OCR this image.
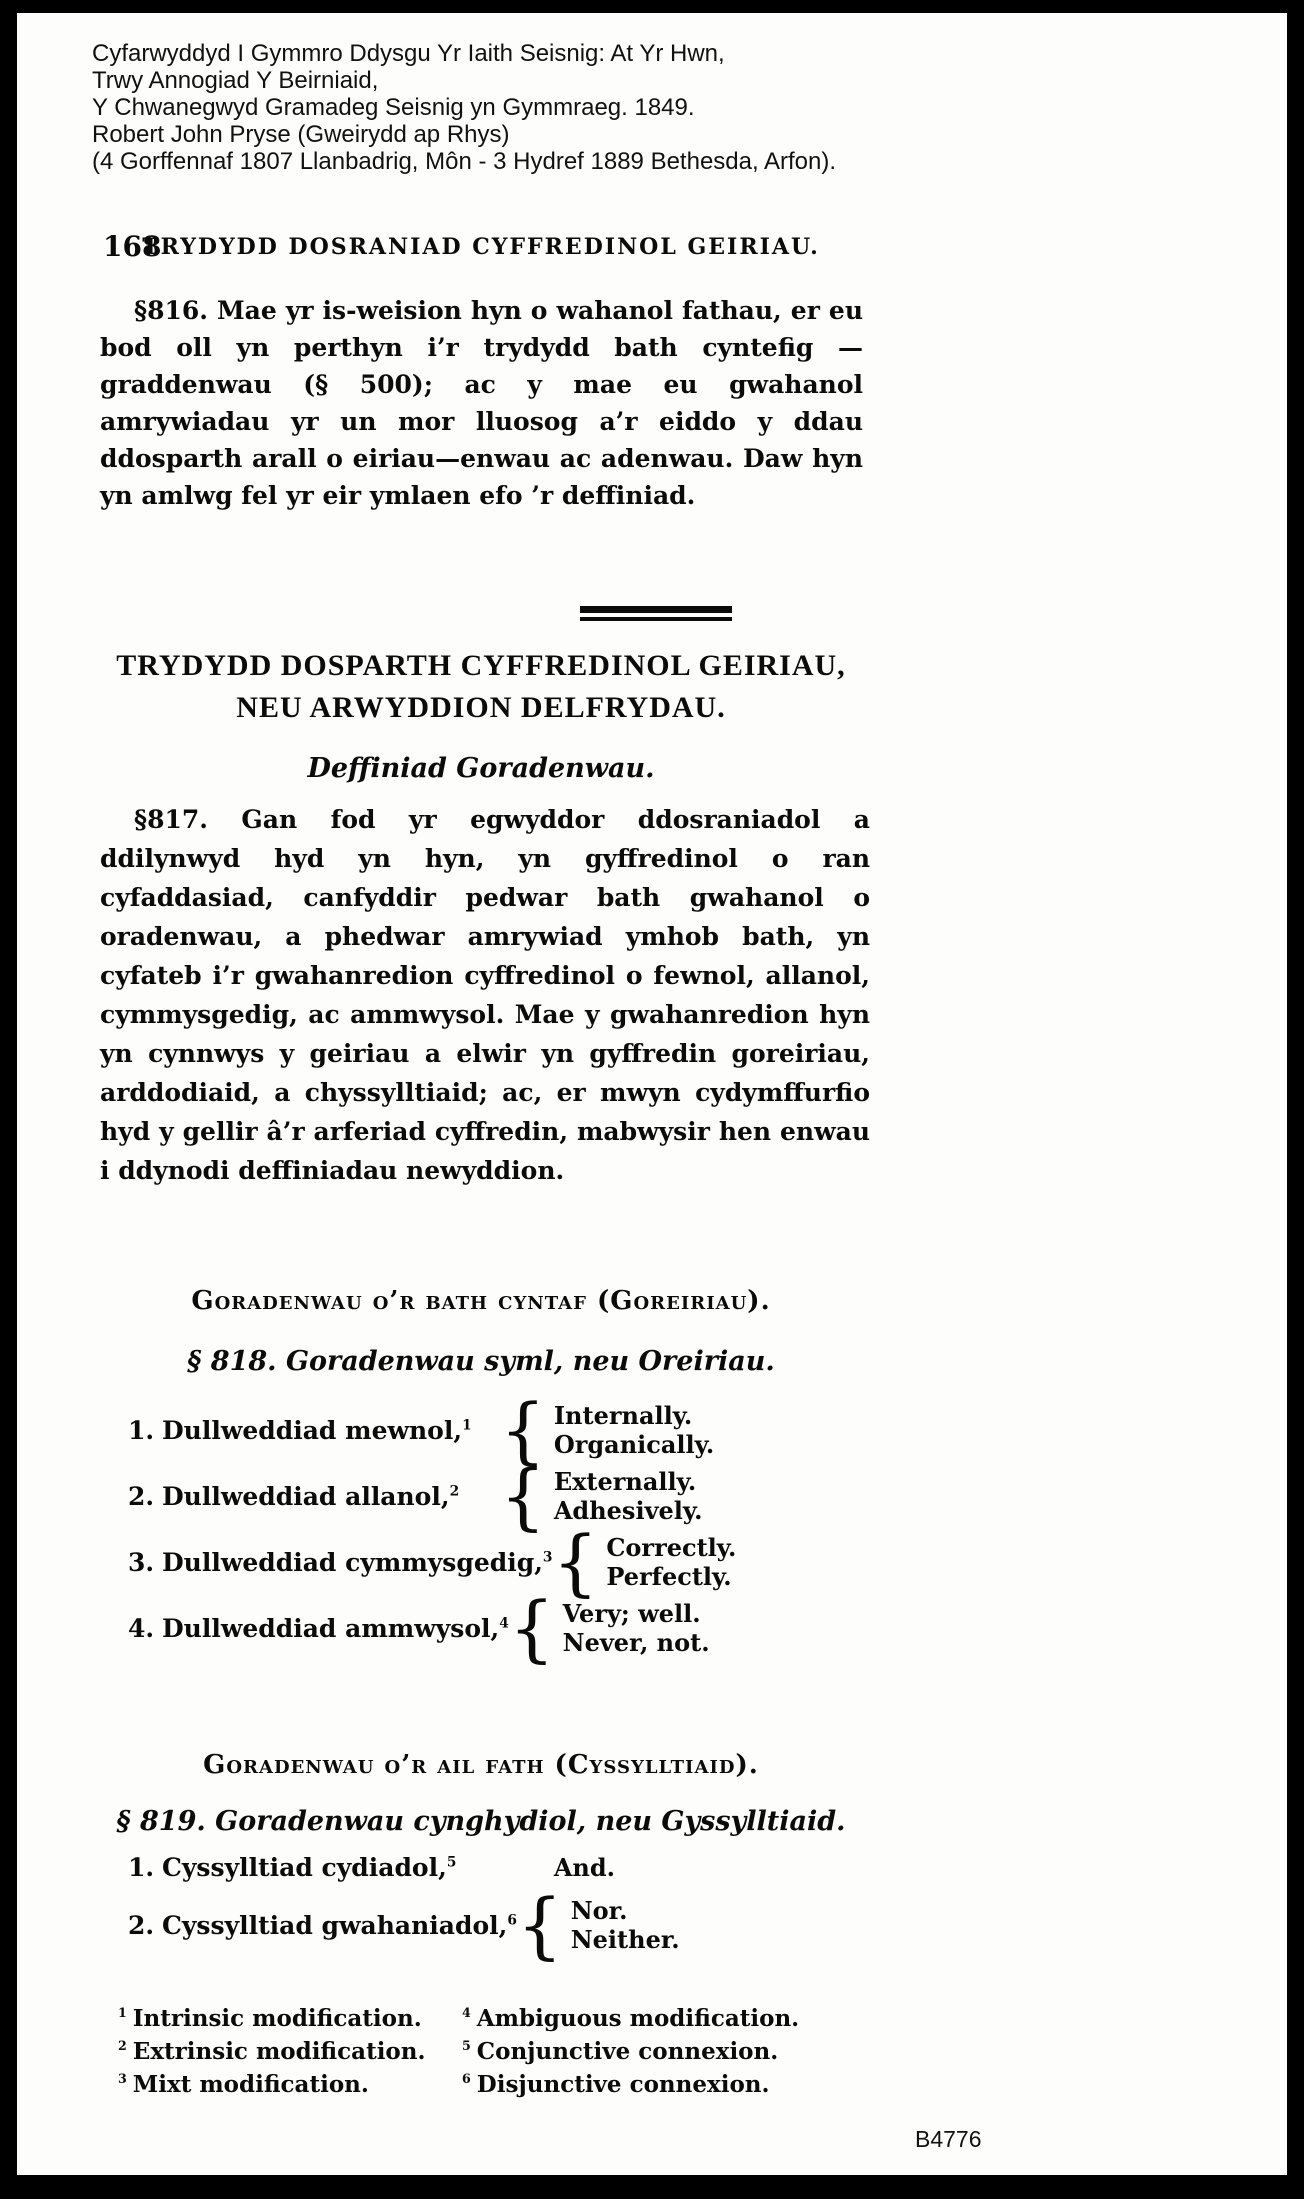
Cyfarwyddyd I Gymmro Ddysgu Yr Iaith Seisnig: At Yr Hwn,
Trwy Annogiad Y Beirniaid,
Y Chwanegwyd Gramadeg Seisnig yn Gymmraeg. 1849.
Robert John Pryse (Gweirydd ap Rhys)
(4 Gorffennaf 1807 Llanbadrig, Môn - 3 Hydref 1889 Bethesda, Arfon).
168
TRYDYDD DOSRANIAD CYFFREDINOL GEIRIAU.
§816. Mae yr is-weision hyn o wahanol fathau, er eu bod oll yn perthyn i’r trydydd bath cyntefig — graddenwau (§ 500); ac y mae eu gwahanol amrywiadau yr un mor lluosog a’r eiddo y ddau ddosparth arall o eiriau—enwau ac adenwau. Daw hyn yn amlwg fel yr eir ymlaen efo ’r deffiniad.
TRYDYDD DOSPARTH CYFFREDINOL GEIRIAU,
NEU ARWYDDION DELFRYDAU.
Deffiniad Goradenwau.
§817. Gan fod yr egwyddor ddosraniadol a ddilynwyd hyd yn hyn, yn gyffredinol o ran cyfaddasiad, canfyddir pedwar bath gwahanol o oradenwau, a phedwar amrywiad ymhob bath, yn cyfateb i’r gwahanredion cyffredinol o fewnol, allanol, cymmysgedig, ac ammwysol. Mae y gwahanredion hyn yn cynnwys y geiriau a elwir yn gyffredin goreiriau, arddodiaid, a chyssylltiaid; ac, er mwyn cydymffurfio hyd y gellir â’r arferiad cyffredin, mabwysir hen enwau i ddynodi deffiniadau newyddion.
Goradenwau o’r bath cyntaf (Goreiriau).
§ 818. Goradenwau syml, neu Oreiriau.
1. Dullweddiad mewnol,$^1$ { Internally.
Organically.
2. Dullweddiad allanol,$^2$ { Externally.
Adhesively.
3. Dullweddiad cymmysgedig,$^3$ { Correctly.
Perfectly.
4. Dullweddiad ammwysol,$^4$ { Very; well.
Never, not.
Goradenwau o’r ail fath (Cyssylltiaid).
§ 819. Goradenwau cynghydiol, neu Gyssylltiaid.
1. Cyssylltiad cydiadol,$^5$	And.
2. Cyssylltiad gwahaniadol,$^6$ { Nor.
Neither.
$^1$ Intrinsic modification.
$^2$ Extrinsic modification.
$^3$ Mixt modification.
$^4$ Ambiguous modification.
$^5$ Conjunctive connexion.
$^6$ Disjunctive connexion.
B4776
